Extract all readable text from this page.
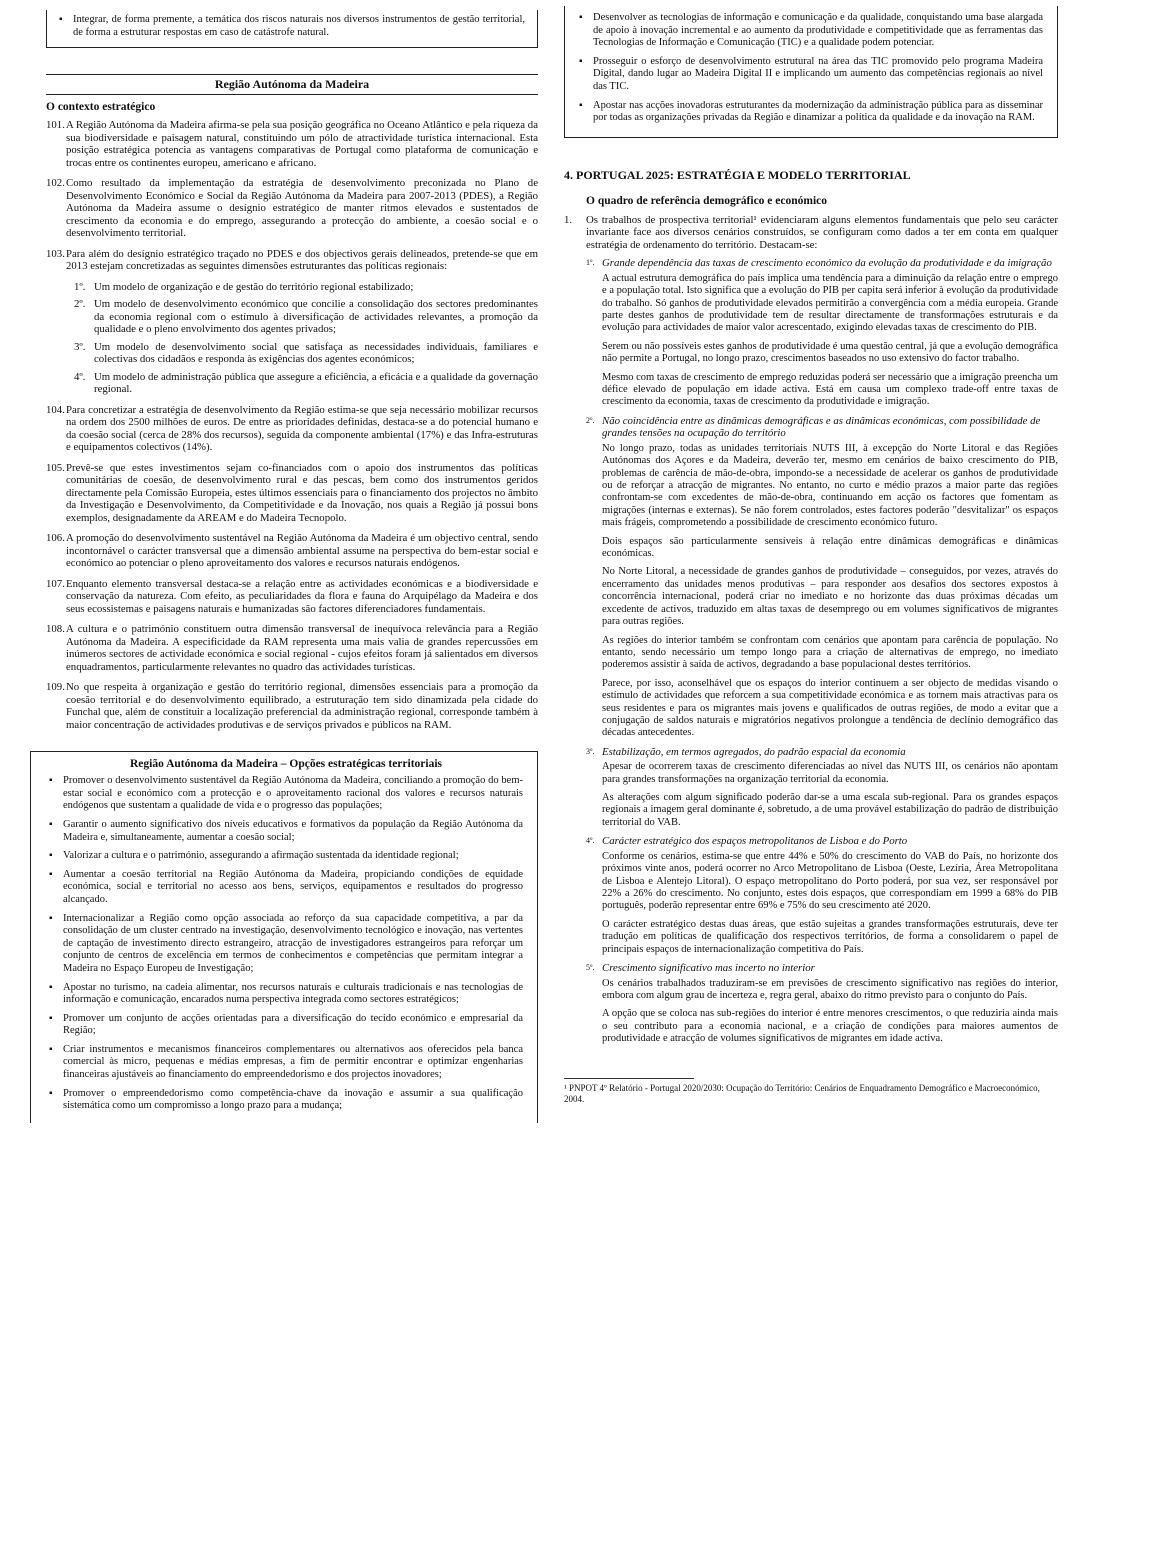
▪ Integrar, de forma premente, a temática dos riscos naturais nos diversos instrumentos de gestão territorial, de forma a estruturar respostas em caso de catástrofe natural.
Região Autónoma da Madeira
O contexto estratégico
101. A Região Autónoma da Madeira afirma-se pela sua posição geográfica no Oceano Atlântico e pela riqueza da sua biodiversidade e paisagem natural, constituindo um pólo de atractividade turística internacional. Esta posição estratégica potencia as vantagens comparativas de Portugal como plataforma de comunicação e trocas entre os continentes europeu, americano e africano.
102. Como resultado da implementação da estratégia de desenvolvimento preconizada no Plano de Desenvolvimento Económico e Social da Região Autónoma da Madeira para 2007-2013 (PDES), a Região Autónoma da Madeira assume o desígnio estratégico de manter ritmos elevados e sustentados de crescimento da economia e do emprego, assegurando a protecção do ambiente, a coesão social e o desenvolvimento territorial.
103. Para além do desígnio estratégico traçado no PDES e dos objectivos gerais delineados, pretende-se que em 2013 estejam concretizadas as seguintes dimensões estruturantes das políticas regionais:
1º. Um modelo de organização e de gestão do território regional estabilizado;
2º. Um modelo de desenvolvimento económico que concilie a consolidação dos sectores predominantes da economia regional com o estímulo à diversificação de actividades relevantes, a promoção da qualidade e o pleno envolvimento dos agentes privados;
3º. Um modelo de desenvolvimento social que satisfaça as necessidades individuais, familiares e colectivas dos cidadãos e responda às exigências dos agentes económicos;
4º. Um modelo de administração pública que assegure a eficiência, a eficácia e a qualidade da governação regional.
104. Para concretizar a estratégia de desenvolvimento da Região estima-se que seja necessário mobilizar recursos na ordem dos 2500 milhões de euros. De entre as prioridades definidas, destaca-se a do potencial humano e da coesão social (cerca de 28% dos recursos), seguida da componente ambiental (17%) e das Infra-estruturas e equipamentos colectivos (14%).
105. Prevê-se que estes investimentos sejam co-financiados com o apoio dos instrumentos das políticas comunitárias de coesão, de desenvolvimento rural e das pescas, bem como dos instrumentos geridos directamente pela Comissão Europeia, estes últimos essenciais para o financiamento dos projectos no âmbito da Investigação e Desenvolvimento, da Competitividade e da Inovação, nos quais a Região já possui bons exemplos, designadamente da AREAM e do Madeira Tecnopolo.
106. A promoção do desenvolvimento sustentável na Região Autónoma da Madeira é um objectivo central, sendo incontornável o carácter transversal que a dimensão ambiental assume na perspectiva do bem-estar social e económico ao potenciar o pleno aproveitamento dos valores e recursos naturais endógenos.
107. Enquanto elemento transversal destaca-se a relação entre as actividades económicas e a biodiversidade e conservação da natureza. Com efeito, as peculiaridades da flora e fauna do Arquipélago da Madeira e dos seus ecossistemas e paisagens naturais e humanizadas são factores diferenciadores fundamentais.
108. A cultura e o património constituem outra dimensão transversal de inequívoca relevância para a Região Autónoma da Madeira. A especificidade da RAM representa uma mais valia de grandes repercussões em inúmeros sectores de actividade económica e social regional - cujos efeitos foram já salientados em diversos enquadramentos, particularmente relevantes no quadro das actividades turísticas.
109. No que respeita à organização e gestão do território regional, dimensões essenciais para a promoção da coesão territorial e do desenvolvimento equilibrado, a estruturação tem sido dinamizada pela cidade do Funchal que, além de constituir a localização preferencial da administração regional, corresponde também à maior concentração de actividades produtivas e de serviços privados e públicos na RAM.
Região Autónoma da Madeira – Opções estratégicas territoriais
▪ Promover o desenvolvimento sustentável da Região Autónoma da Madeira, conciliando a promoção do bem-estar social e económico com a protecção e o aproveitamento racional dos valores e recursos naturais endógenos que sustentam a qualidade de vida e o progresso das populações;
▪ Garantir o aumento significativo dos níveis educativos e formativos da população da Região Autónoma da Madeira e, simultaneamente, aumentar a coesão social;
▪ Valorizar a cultura e o património, assegurando a afirmação sustentada da identidade regional;
▪ Aumentar a coesão territorial na Região Autónoma da Madeira, propiciando condições de equidade económica, social e territorial no acesso aos bens, serviços, equipamentos e resultados do progresso alcançado.
▪ Internacionalizar a Região como opção associada ao reforço da sua capacidade competitiva, a par da consolidação de um cluster centrado na investigação, desenvolvimento tecnológico e inovação, nas vertentes de captação de investimento directo estrangeiro, atracção de investigadores estrangeiros para reforçar um conjunto de centros de excelência em termos de conhecimentos e competências que permitam integrar a Madeira no Espaço Europeu de Investigação;
▪ Apostar no turismo, na cadeia alimentar, nos recursos naturais e culturais tradicionais e nas tecnologias de informação e comunicação, encarados numa perspectiva integrada como sectores estratégicos;
▪ Promover um conjunto de acções orientadas para a diversificação do tecido económico e empresarial da Região;
▪ Criar instrumentos e mecanismos financeiros complementares ou alternativos aos oferecidos pela banca comercial às micro, pequenas e médias empresas, a fim de permitir encontrar e optimizar engenharias financeiras ajustáveis ao financiamento do empreendedorismo e dos projectos inovadores;
▪ Promover o empreendedorismo como competência-chave da inovação e assumir a sua qualificação sistemática como um compromisso a longo prazo para a mudança;
▪ Desenvolver as tecnologias de informação e comunicação e da qualidade, conquistando uma base alargada de apoio à inovação incremental e ao aumento da produtividade e competitividade que as ferramentas das Tecnologias de Informação e Comunicação (TIC) e a qualidade podem potenciar.
▪ Prosseguir o esforço de desenvolvimento estrutural na área das TIC promovido pelo programa Madeira Digital, dando lugar ao Madeira Digital II e implicando um aumento das competências regionais ao nível das TIC.
▪ Apostar nas acções inovadoras estruturantes da modernização da administração pública para as disseminar por todas as organizações privadas da Região e dinamizar a política da qualidade e da inovação na RAM.
4. PORTUGAL 2025: ESTRATÉGIA E MODELO TERRITORIAL
O quadro de referência demográfico e económico
1. Os trabalhos de prospectiva territorial¹ evidenciaram alguns elementos fundamentais que pelo seu carácter invariante face aos diversos cenários construídos, se configuram como dados a ter em conta em qualquer estratégia de ordenamento do território. Destacam-se:
1º. Grande dependência das taxas de crescimento económico da evolução da produtividade e da imigração

A actual estrutura demográfica do país implica uma tendência para a diminuição da relação entre o emprego e a população total. Isto significa que a evolução do PIB per capita será inferior à evolução da produtividade do trabalho. Só ganhos de produtividade elevados permitirão a convergência com a média europeia. Grande parte destes ganhos de produtividade tem de resultar directamente de transformações estruturais e da evolução para actividades de maior valor acrescentado, exigindo elevadas taxas de crescimento do PIB.

Serem ou não possíveis estes ganhos de produtividade é uma questão central, já que a evolução demográfica não permite a Portugal, no longo prazo, crescimentos baseados no uso extensivo do factor trabalho.

Mesmo com taxas de crescimento de emprego reduzidas poderá ser necessário que a imigração preencha um défice elevado de população em idade activa. Está em causa um complexo trade-off entre taxas de crescimento da economia, taxas de crescimento da produtividade e imigração.

2º. Não coincidência entre as dinâmicas demográficas e as dinâmicas económicas, com possibilidade de grandes tensões na ocupação do território

No longo prazo, todas as unidades territoriais NUTS III, à excepção do Norte Litoral e das Regiões Autónomas dos Açores e da Madeira, deverão ter, mesmo em cenários de baixo crescimento do PIB, problemas de carência de mão-de-obra, impondo-se a necessidade de acelerar os ganhos de produtividade ou de reforçar a atracção de migrantes. No entanto, no curto e médio prazos a maior parte das regiões confrontam-se com excedentes de mão-de-obra, continuando em acção os factores que fomentam as migrações (internas e externas). Se não forem controlados, estes factores poderão "desvitalizar" os espaços mais frágeis, comprometendo a possibilidade de crescimento económico futuro.

Dois espaços são particularmente sensíveis à relação entre dinâmicas demográficas e dinâmicas económicas.

No Norte Litoral, a necessidade de grandes ganhos de produtividade – conseguidos, por vezes, através do encerramento das unidades menos produtivas – para responder aos desafios dos sectores expostos à concorrência internacional, poderá criar no imediato e no horizonte das duas próximas décadas um excedente de activos, traduzido em altas taxas de desemprego ou em volumes significativos de migrantes para outras regiões.

As regiões do interior também se confrontam com cenários que apontam para carência de população. No entanto, sendo necessário um tempo longo para a criação de alternativas de emprego, no imediato poderemos assistir à saída de activos, degradando a base populacional destes territórios.

Parece, por isso, aconselhável que os espaços do interior continuem a ser objecto de medidas visando o estímulo de actividades que reforcem a sua competitividade económica e as tornem mais atractivas para os seus residentes e para os migrantes mais jovens e qualificados de outras regiões, de modo a evitar que a conjugação de saldos naturais e migratórios negativos prolongue a tendência de declínio demográfico das décadas antecedentes.

3º. Estabilização, em termos agregados, do padrão espacial da economia

Apesar de ocorrerem taxas de crescimento diferenciadas ao nível das NUTS III, os cenários não apontam para grandes transformações na organização territorial da economia.

As alterações com algum significado poderão dar-se a uma escala sub-regional. Para os grandes espaços regionais a imagem geral dominante é, sobretudo, a de uma provável estabilização do padrão de distribuição territorial do VAB.

4º. Carácter estratégico dos espaços metropolitanos de Lisboa e do Porto

Conforme os cenários, estima-se que entre 44% e 50% do crescimento do VAB do País, no horizonte dos próximos vinte anos, poderá ocorrer no Arco Metropolitano de Lisboa (Oeste, Lezíria, Área Metropolitana de Lisboa e Alentejo Litoral). O espaço metropolitano do Porto poderá, por sua vez, ser responsável por 22% a 26% do crescimento. No conjunto, estes dois espaços, que correspondiam em 1999 a 68% do PIB português, poderão representar entre 69% e 75% do seu crescimento até 2020.

O carácter estratégico destas duas áreas, que estão sujeitas a grandes transformações estruturais, deve ter tradução em políticas de qualificação dos respectivos territórios, de forma a consolidarem o papel de principais espaços de internacionalização competitiva do País.

5º. Crescimento significativo mas incerto no interior

Os cenários trabalhados traduziram-se em previsões de crescimento significativo nas regiões do interior, embora com algum grau de incerteza e, regra geral, abaixo do ritmo previsto para o conjunto do País.

A opção que se coloca nas sub-regiões do interior é entre menores crescimentos, o que reduziria ainda mais o seu contributo para a economia nacional, e a criação de condições para maiores aumentos de produtividade e atracção de volumes significativos de migrantes em idade activa.

¹ PNPOT 4º Relatório - Portugal 2020/2030: Ocupação do Território: Cenários de Enquadramento Demográfico e Macroeconómico, 2004.
